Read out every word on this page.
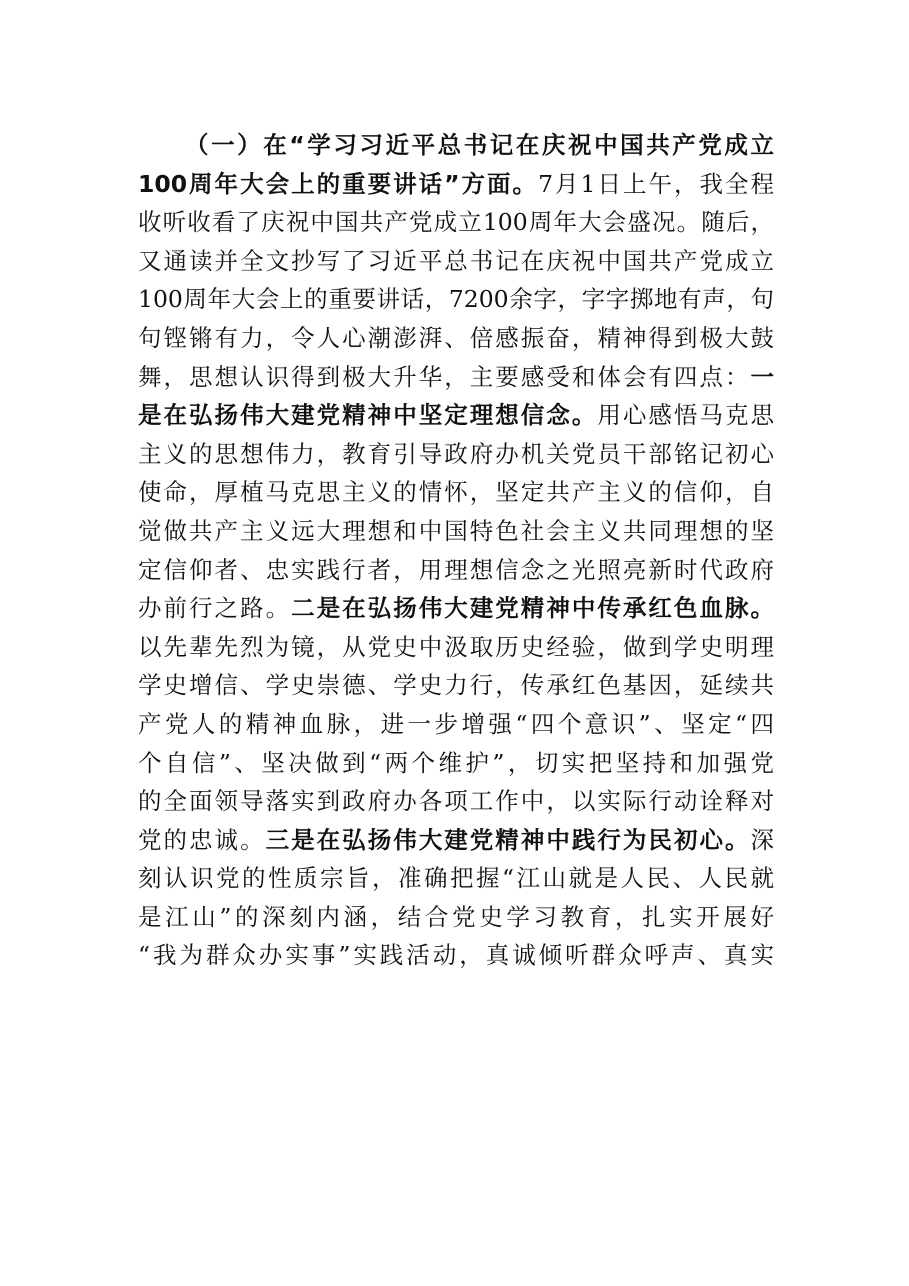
（一）在“学习习近平总书记在庆祝中国共产党成立
100周年大会上的重要讲话”方面。7月1日上午，我全程
收听收看了庆祝中国共产党成立100周年大会盛况。随后，
又通读并全文抄写了习近平总书记在庆祝中国共产党成立
100周年大会上的重要讲话，7200余字，字字掷地有声，句
句铿锵有力，令人心潮澎湃、倍感振奋，精神得到极大鼓
舞，思想认识得到极大升华，主要感受和体会有四点：一
是在弘扬伟大建党精神中坚定理想信念。用心感悟马克思
主义的思想伟力，教育引导政府办机关党员干部铭记初心
使命，厚植马克思主义的情怀，坚定共产主义的信仰，自
觉做共产主义远大理想和中国特色社会主义共同理想的坚
定信仰者、忠实践行者，用理想信念之光照亮新时代政府
办前行之路。二是在弘扬伟大建党精神中传承红色血脉。
以先辈先烈为镜，从党史中汲取历史经验，做到学史明理
学史增信、学史崇德、学史力行，传承红色基因，延续共
产党人的精神血脉，进一步增强“四个意识”、坚定“四
个自信”、坚决做到“两个维护”，切实把坚持和加强党
的全面领导落实到政府办各项工作中，以实际行动诠释对
党的忠诚。三是在弘扬伟大建党精神中践行为民初心。深
刻认识党的性质宗旨，准确把握“江山就是人民、人民就
是江山”的深刻内涵，结合党史学习教育，扎实开展好
“我为群众办实事”实践活动，真诚倾听群众呼声、真实
